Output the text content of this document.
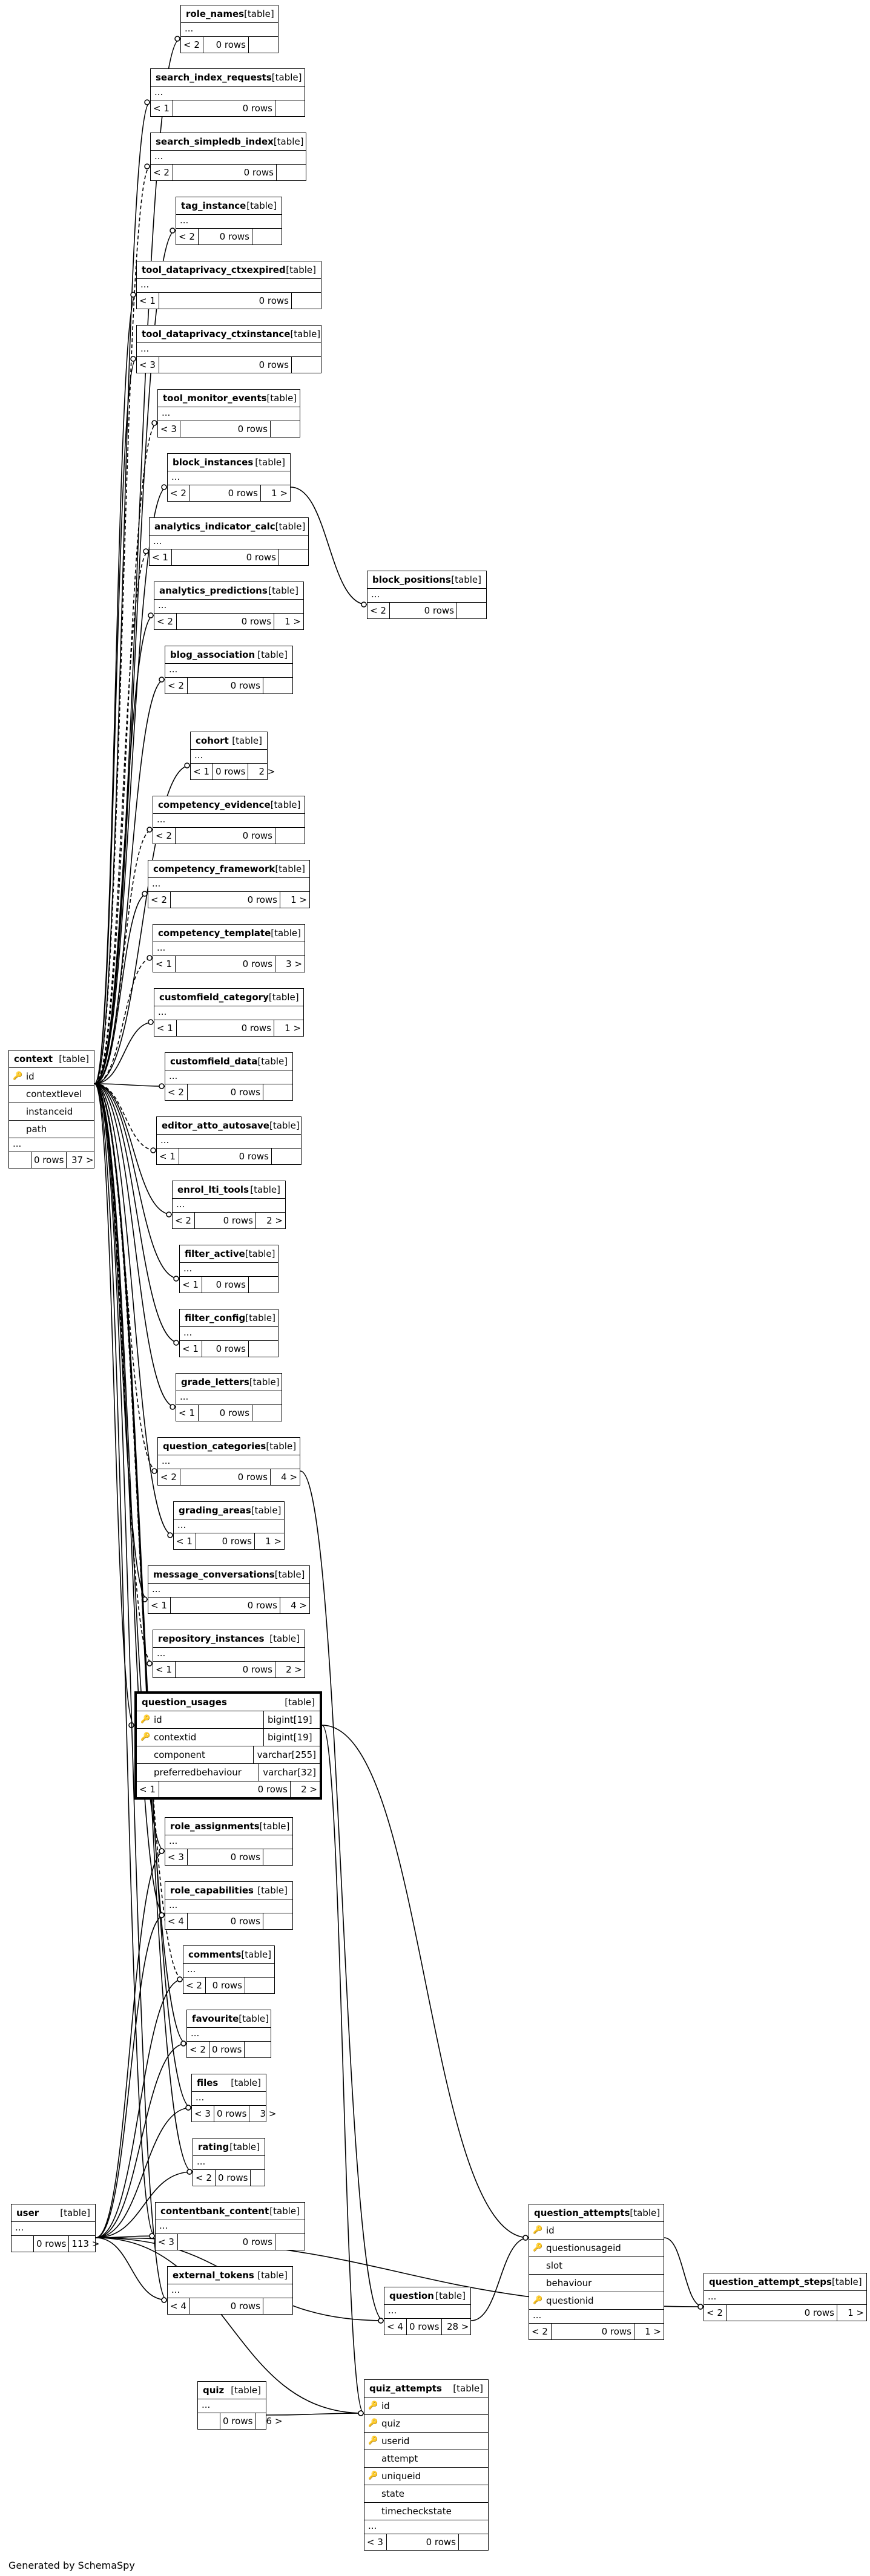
context [table]
🔑 id
contextlevel
instanceid
path
...
0 rows 37 >
question_usages	[table]
🔑 id	bigint[19]
🔑 contextid	bigint[19]
component	varchar[255]
preferredbehaviour	varchar[32]
< 1	0 rows	2 >
question_attempts [table]
🔑 id
🔑 questionusageid
slot
behaviour
🔑 questionid
...
< 2	0 rows	1 >
quiz_attempts [table]
🔑 id
🔑 quiz
🔑 userid
attempt
🔑 uniqueid
state
timecheckstate
...
< 3	0 rows
Generated by SchemaSpy
role_names [table]
...
< 2	0 rows
search_index_requests [table]
...
< 1	0 rows
search_simpledb_index [table]
...
< 2	0 rows
tag_instance [table]
...
< 2	0 rows
tool_dataprivacy_ctxexpired [table]
...
< 1	0 rows
tool_dataprivacy_ctxinstance [table]
...
< 3	0 rows
tool_monitor_events [table]
...
< 3	0 rows
block_instances [table]
...
< 2	0 rows	1 >
analytics_indicator_calc [table]
...
< 1	0 rows
analytics_predictions [table]
...
< 2	0 rows	1 >
blog_association [table]
...
< 2	0 rows
cohort [table]
...
< 1 0 rows	2 >
competency_evidence [table]
...
< 2	0 rows
competency_framework [table]
...
< 2	0 rows	1 >
competency_template [table]
...
< 1	0 rows	3 >
customfield_category [table]
...
< 1	0 rows	1 >
customfield_data [table]
...
< 2	0 rows
editor_atto_autosave [table]
...
< 1	0 rows
enrol_lti_tools [table]
...
< 2	0 rows	2 >
filter_active [table]
...
< 1	0 rows
filter_config [table]
...
< 1	0 rows
grade_letters [table]
...
< 1	0 rows
question_categories [table]
...
< 2	0 rows	4 >
grading_areas [table]
...
< 1	0 rows	1 >
message_conversations [table]
...
< 1	0 rows	4 >
repository_instances [table]
...
< 1	0 rows	2 >
role_assignments [table]
...
< 3	0 rows
role_capabilities [table]
...
< 4	0 rows
comments [table]
...
< 2	0 rows
favourite [table]
...
< 2 0 rows
files [table]
...
< 3 0 rows	3 >
rating [table]
...
< 2 0 rows
contentbank_content [table]
...
< 3	0 rows
external_tokens [table]
...
< 4	0 rows
block_positions [table]
...
< 2	0 rows
question [table]
...
< 4 0 rows 28 >
question_attempt_steps [table]
...
< 2	0 rows	1 >
quiz [table]
...
0 rows	6 >
user [table]
...
0 rows 113 >
